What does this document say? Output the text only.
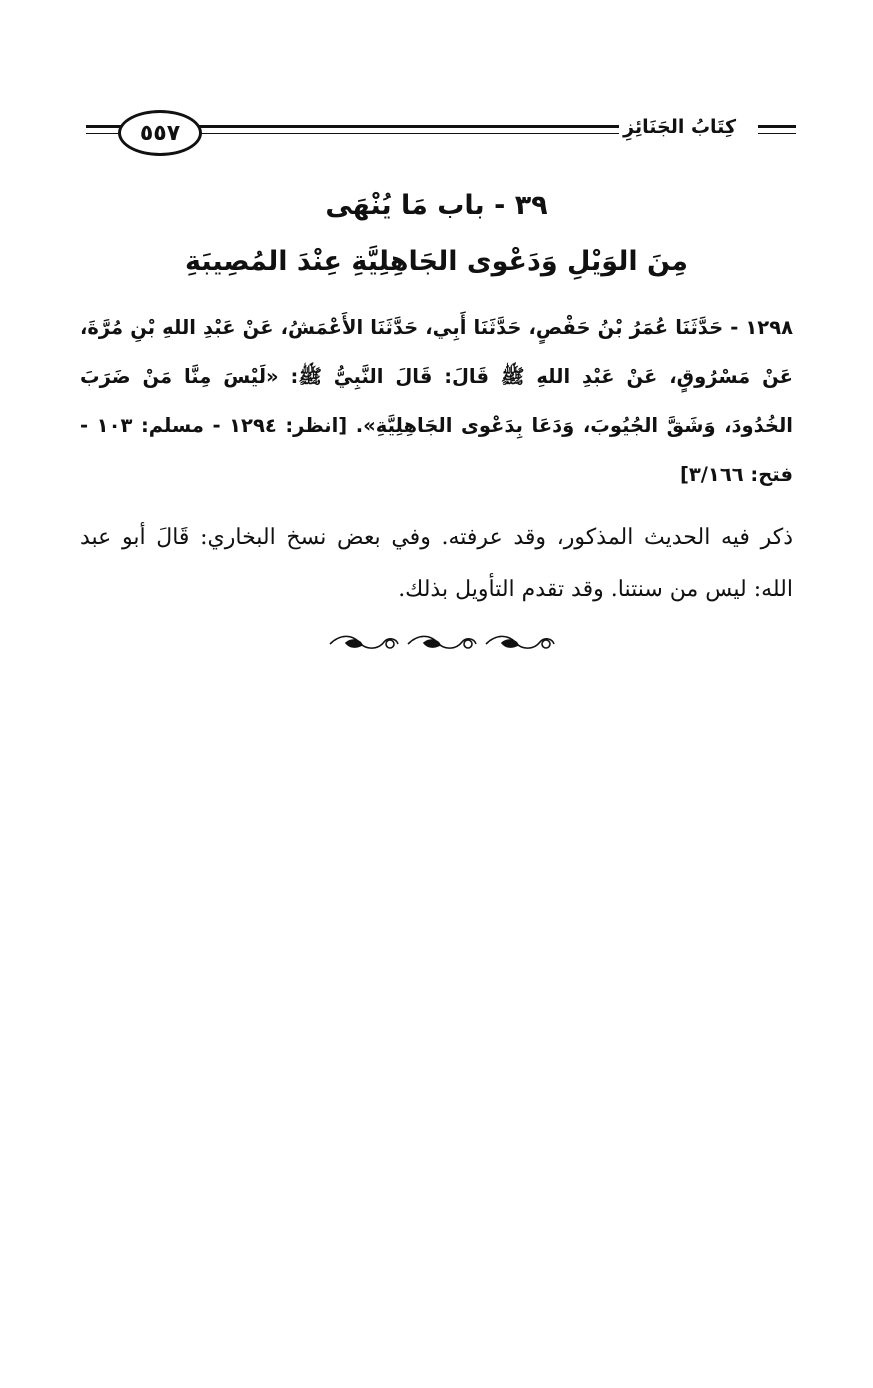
٥٥٧	كِتَابُ الجَنَائِزِ
٣٩ - باب مَا يُنْهَى
مِنَ الوَيْلِ وَدَعْوى الجَاهِلِيَّةِ عِنْدَ المُصِيبَةِ
١٢٩٨ - حَدَّثَنَا عُمَرُ بْنُ حَفْصٍ، حَدَّثَنَا أَبِي، حَدَّثَنَا الأَعْمَشُ، عَنْ عَبْدِ اللهِ بْنِ مُرَّةَ، عَنْ مَسْرُوقٍ، عَنْ عَبْدِ اللهِ ﷺ قَالَ: قَالَ النَّبِيُّ ﷺ: «لَيْسَ مِنَّا مَنْ ضَرَبَ الخُدُودَ، وَشَقَّ الجُيُوبَ، وَدَعَا بِدَعْوى الجَاهِلِيَّةِ». [انظر: ١٢٩٤ - مسلم: ١٠٣ - فتح: ٣/١٦٦]
ذكر فيه الحديث المذكور، وقد عرفته. وفي بعض نسخ البخاري: قَالَ أبو عبد الله: ليس من سنتنا. وقد تقدم التأويل بذلك.
